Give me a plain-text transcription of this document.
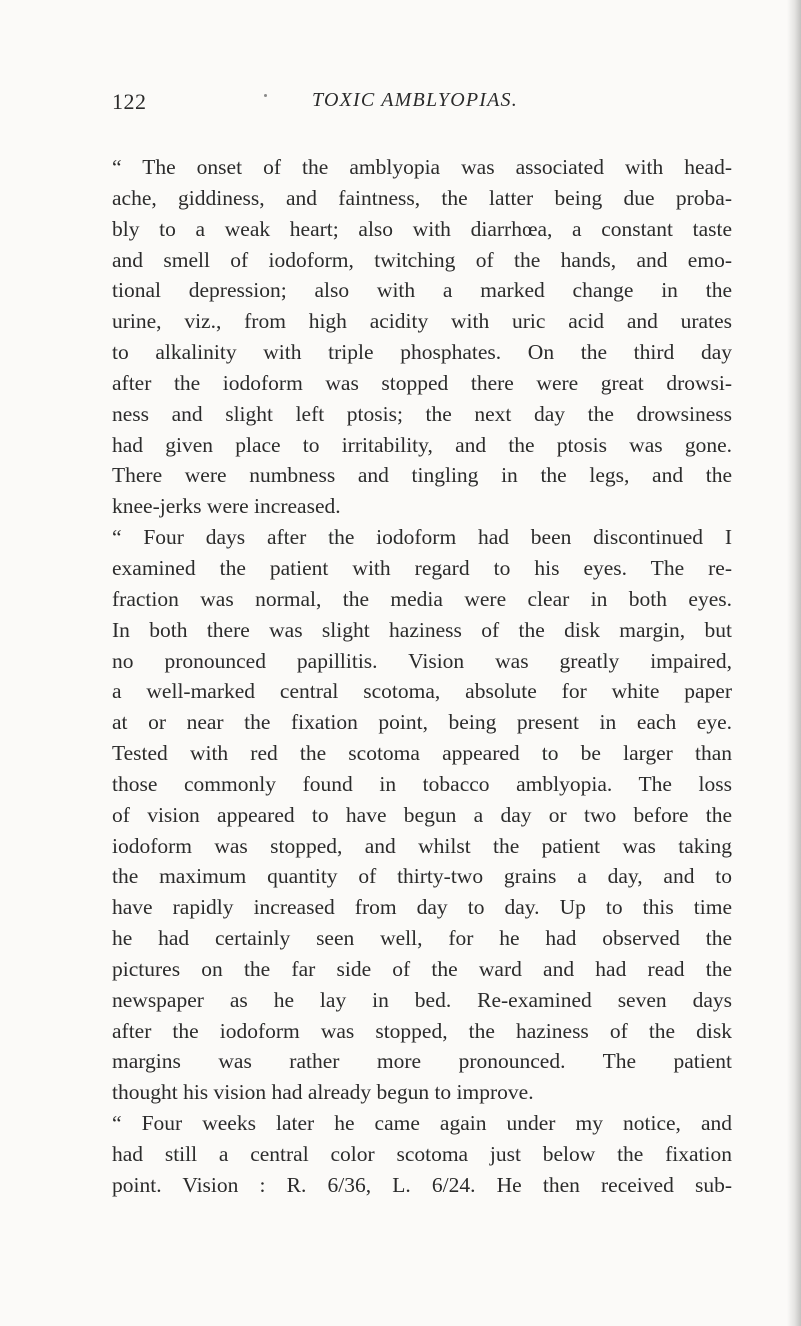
122	TOXIC AMBLYOPIAS.
“ The onset of the amblyopia was associated with head-
ache, giddiness, and faintness, the latter being due proba-
bly to a weak heart; also with diarrhœa, a constant taste
and smell of iodoform, twitching of the hands, and emo-
tional depression; also with a marked change in the
urine, viz., from high acidity with uric acid and urates
to alkalinity with triple phosphates. On the third day
after the iodoform was stopped there were great drowsi-
ness and slight left ptosis; the next day the drowsiness
had given place to irritability, and the ptosis was gone.
There were numbness and tingling in the legs, and the
knee-jerks were increased.
“ Four days after the iodoform had been discontinued I
examined the patient with regard to his eyes. The re-
fraction was normal, the media were clear in both eyes.
In both there was slight haziness of the disk margin, but
no pronounced papillitis. Vision was greatly impaired,
a well-marked central scotoma, absolute for white paper
at or near the fixation point, being present in each eye.
Tested with red the scotoma appeared to be larger than
those commonly found in tobacco amblyopia. The loss
of vision appeared to have begun a day or two before the
iodoform was stopped, and whilst the patient was taking
the maximum quantity of thirty-two grains a day, and to
have rapidly increased from day to day. Up to this time
he had certainly seen well, for he had observed the
pictures on the far side of the ward and had read the
newspaper as he lay in bed. Re-examined seven days
after the iodoform was stopped, the haziness of the disk
margins was rather more pronounced. The patient
thought his vision had already begun to improve.
“ Four weeks later he came again under my notice, and
had still a central color scotoma just below the fixation
point. Vision : R. 6/36, L. 6/24. He then received sub-
